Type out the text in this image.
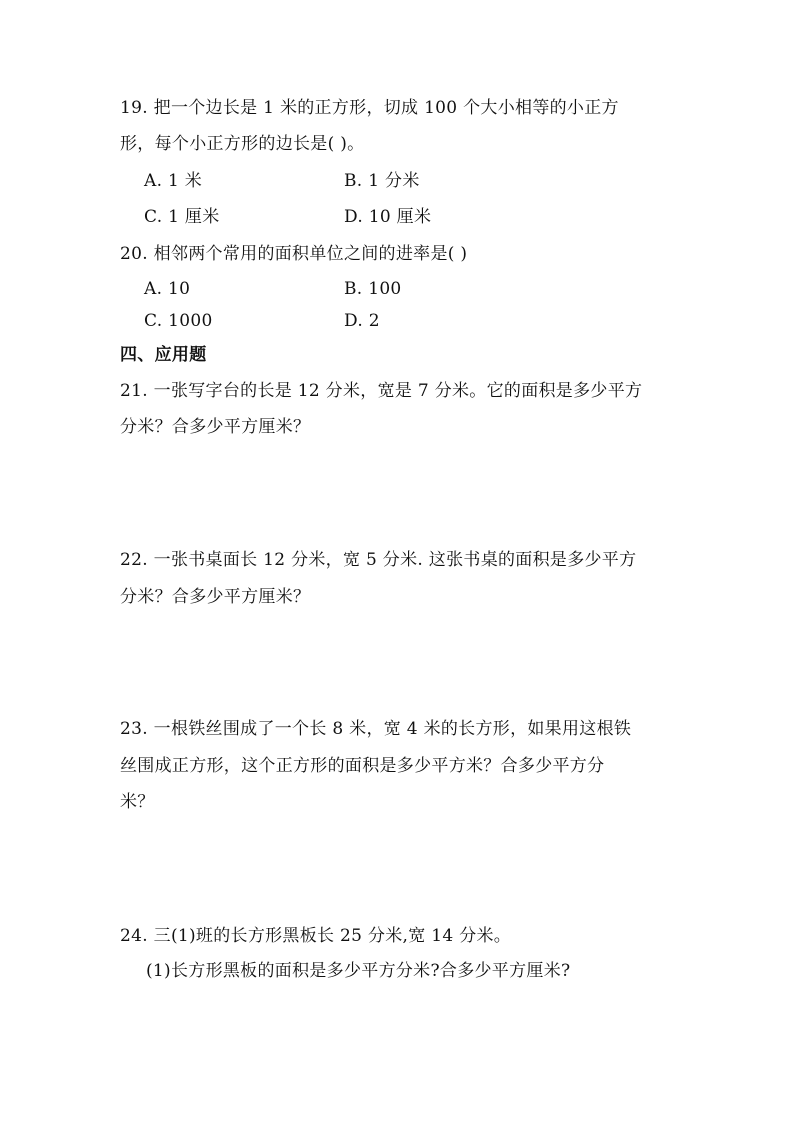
19. 把一个边长是 1 米的正方形，切成 100 个大小相等的小正方
形，每个小正方形的边长是( )。
A. 1 米	B. 1 分米
C. 1 厘米	D. 10 厘米
20. 相邻两个常用的面积单位之间的进率是( )
A. 10	B. 100
C. 1000	D. 2
四、应用题
21. 一张写字台的长是 12 分米，宽是 7 分米。它的面积是多少平方
分米？合多少平方厘米？
22. 一张书桌面长 12 分米，宽 5 分米. 这张书桌的面积是多少平方
分米？合多少平方厘米？
23. 一根铁丝围成了一个长 8 米，宽 4 米的长方形，如果用这根铁
丝围成正方形，这个正方形的面积是多少平方米？合多少平方分
米？
24. 三(1)班的长方形黑板长 25 分米,宽 14 分米。
(1)长方形黑板的面积是多少平方分米?合多少平方厘米?
